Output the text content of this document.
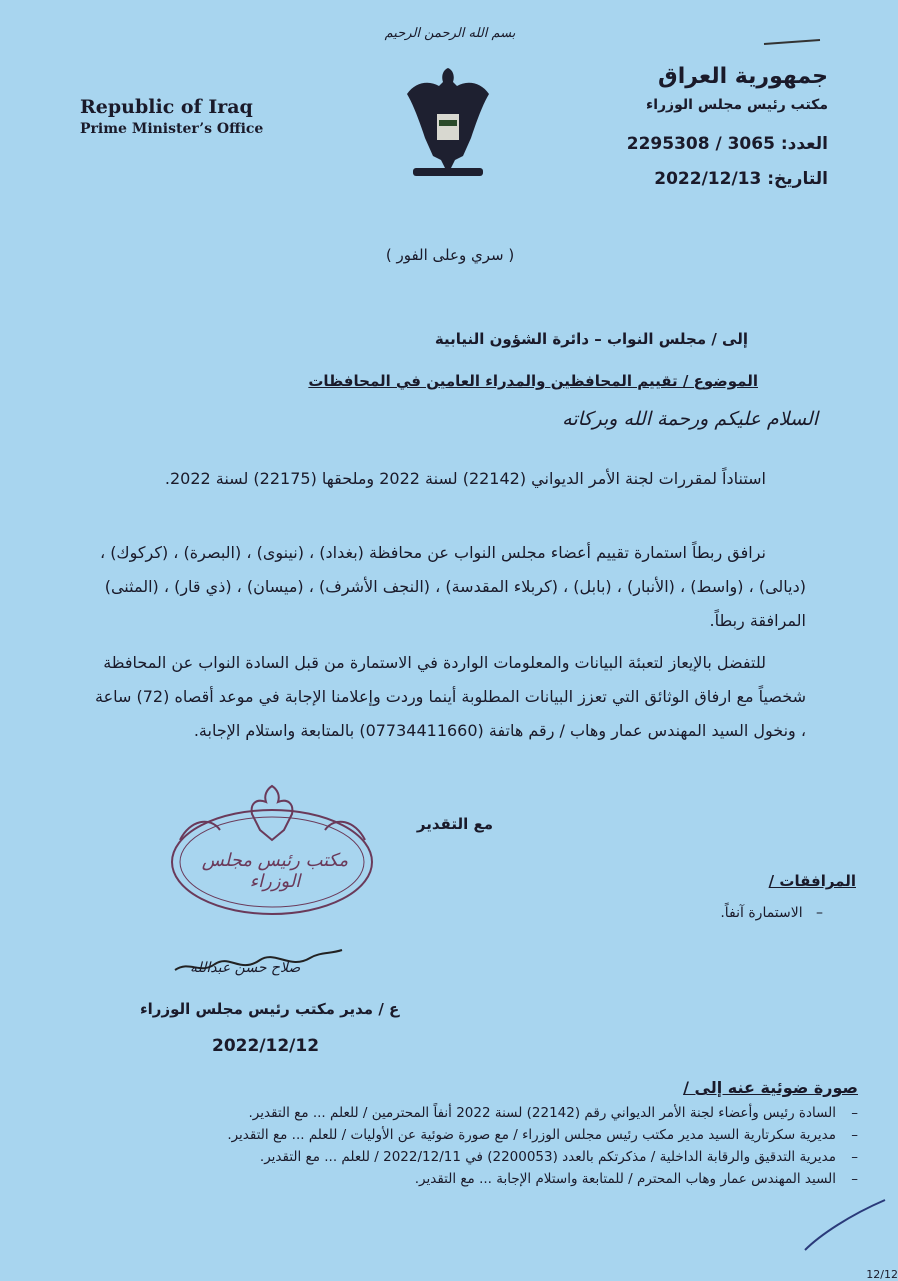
بسم الله الرحمن الرحيم
Republic of Iraq
Prime Minister’s Office
جمهورية العراق
مكتب رئيس مجلس الوزراء
العدد: 2295308 / 3065
التاريخ: 2022/12/13
( سري وعلى الفور )
إلى / مجلس النواب – دائرة الشؤون النيابية
الموضوع / تقييم المحافظين والمدراء العامين في المحافظات
السلام عليكم ورحمة الله وبركاته
استناداً لمقررات لجنة الأمر الديواني (22142) لسنة 2022 وملحقها (22175) لسنة 2022.
نرافق ربطاً استمارة تقييم أعضاء مجلس النواب عن محافظة (بغداد) ، (نينوى) ، (البصرة) ، (كركوك) ، (ديالى) ، (واسط) ، (الأنبار) ، (بابل) ، (كربلاء المقدسة) ، (النجف الأشرف) ، (ميسان) ، (ذي قار) ، (المثنى) المرافقة ربطاً.
للتفضل بالإيعاز لتعبئة البيانات والمعلومات الواردة في الاستمارة من قبل السادة النواب عن المحافظة شخصياً مع ارفاق الوثائق التي تعزز البيانات المطلوبة أينما وردت وإعلامنا الإجابة في موعد أقصاه (72) ساعة ، ونخول السيد المهندس عمار وهاب / رقم هاتفة (07734411660) بالمتابعة واستلام الإجابة.
مع التقدير
مكتب رئيس مجلس الوزراء	المرافقات /
–   الاستمارة آنفاً.
صلاح حسن عبدالله
ع / مدير مكتب رئيس مجلس الوزراء
2022/12/12
صورة ضوئية عنه إلى /
–
السادة رئيس وأعضاء لجنة الأمر الديواني رقم (22142) لسنة 2022 أنفاً المحترمين / للعلم ... مع التقدير.
–
مديرية سكرتارية السيد مدير مكتب رئيس مجلس الوزراء / مع صورة ضوئية عن الأوليات / للعلم ... مع التقدير.
–
مديرية التدقيق والرقابة الداخلية / مذكرتكم بالعدد (2200053) في 2022/12/11 / للعلم ... مع التقدير.
–
السيد المهندس عمار وهاب المحترم / للمتابعة واستلام الإجابة ... مع التقدير.
12/12
